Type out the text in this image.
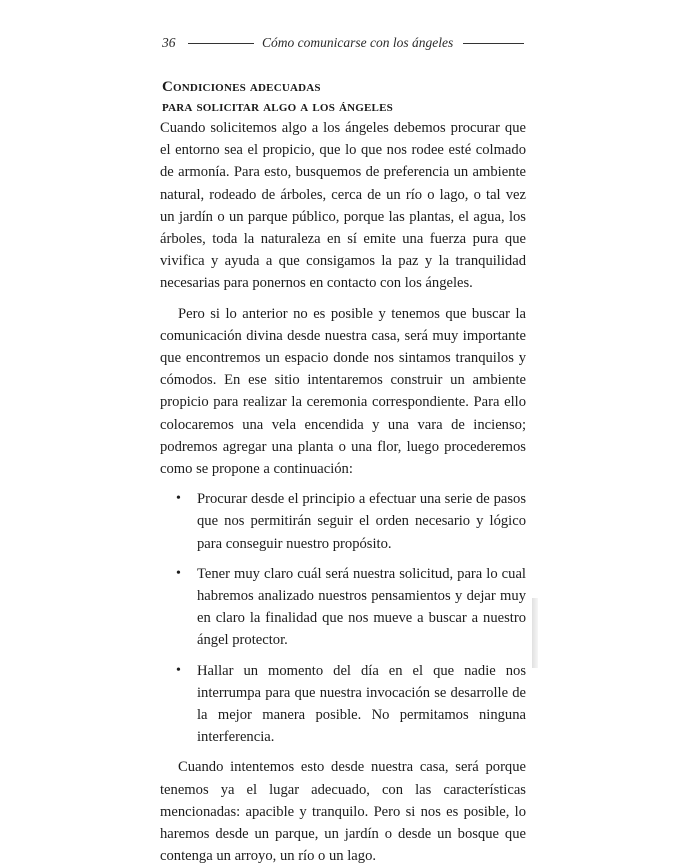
36	Cómo comunicarse con los ángeles
Condiciones adecuadas
para solicitar algo a los ángeles

Cuando solicitemos algo a los ángeles debemos procurar que el entorno sea el propicio, que lo que nos rodee esté colmado de armonía. Para esto, busquemos de preferencia un ambiente natural, rodeado de árboles, cerca de un río o lago, o tal vez un jardín o un parque público, porque las plantas, el agua, los árboles, toda la naturaleza en sí emite una fuerza pura que vivifica y ayuda a que consigamos la paz y la tranquilidad necesarias para ponernos en contacto con los ángeles.

Pero si lo anterior no es posible y tenemos que buscar la comunicación divina desde nuestra casa, será muy importante que encontremos un espacio donde nos sintamos tranquilos y cómodos. En ese sitio intentaremos construir un ambiente propicio para realizar la ceremonia correspondiente. Para ello colocaremos una vela encendida y una vara de incienso; podremos agregar una planta o una flor, luego procederemos como se propone a continuación:

• Procurar desde el principio a efectuar una serie de pasos que nos permitirán seguir el orden necesario y lógico para conseguir nuestro propósito.
• Tener muy claro cuál será nuestra solicitud, para lo cual habremos analizado nuestros pensamientos y dejar muy en claro la finalidad que nos mueve a buscar a nuestro ángel protector.
• Hallar un momento del día en el que nadie nos interrumpa para que nuestra invocación se desarrolle de la mejor manera posible. No permitamos ninguna interferencia.

Cuando intentemos esto desde nuestra casa, será porque tenemos ya el lugar adecuado, con las características mencionadas: apacible y tranquilo. Pero si nos es posible, lo haremos desde un parque, un jardín o desde un bosque que contenga un arroyo, un río o un lago.
